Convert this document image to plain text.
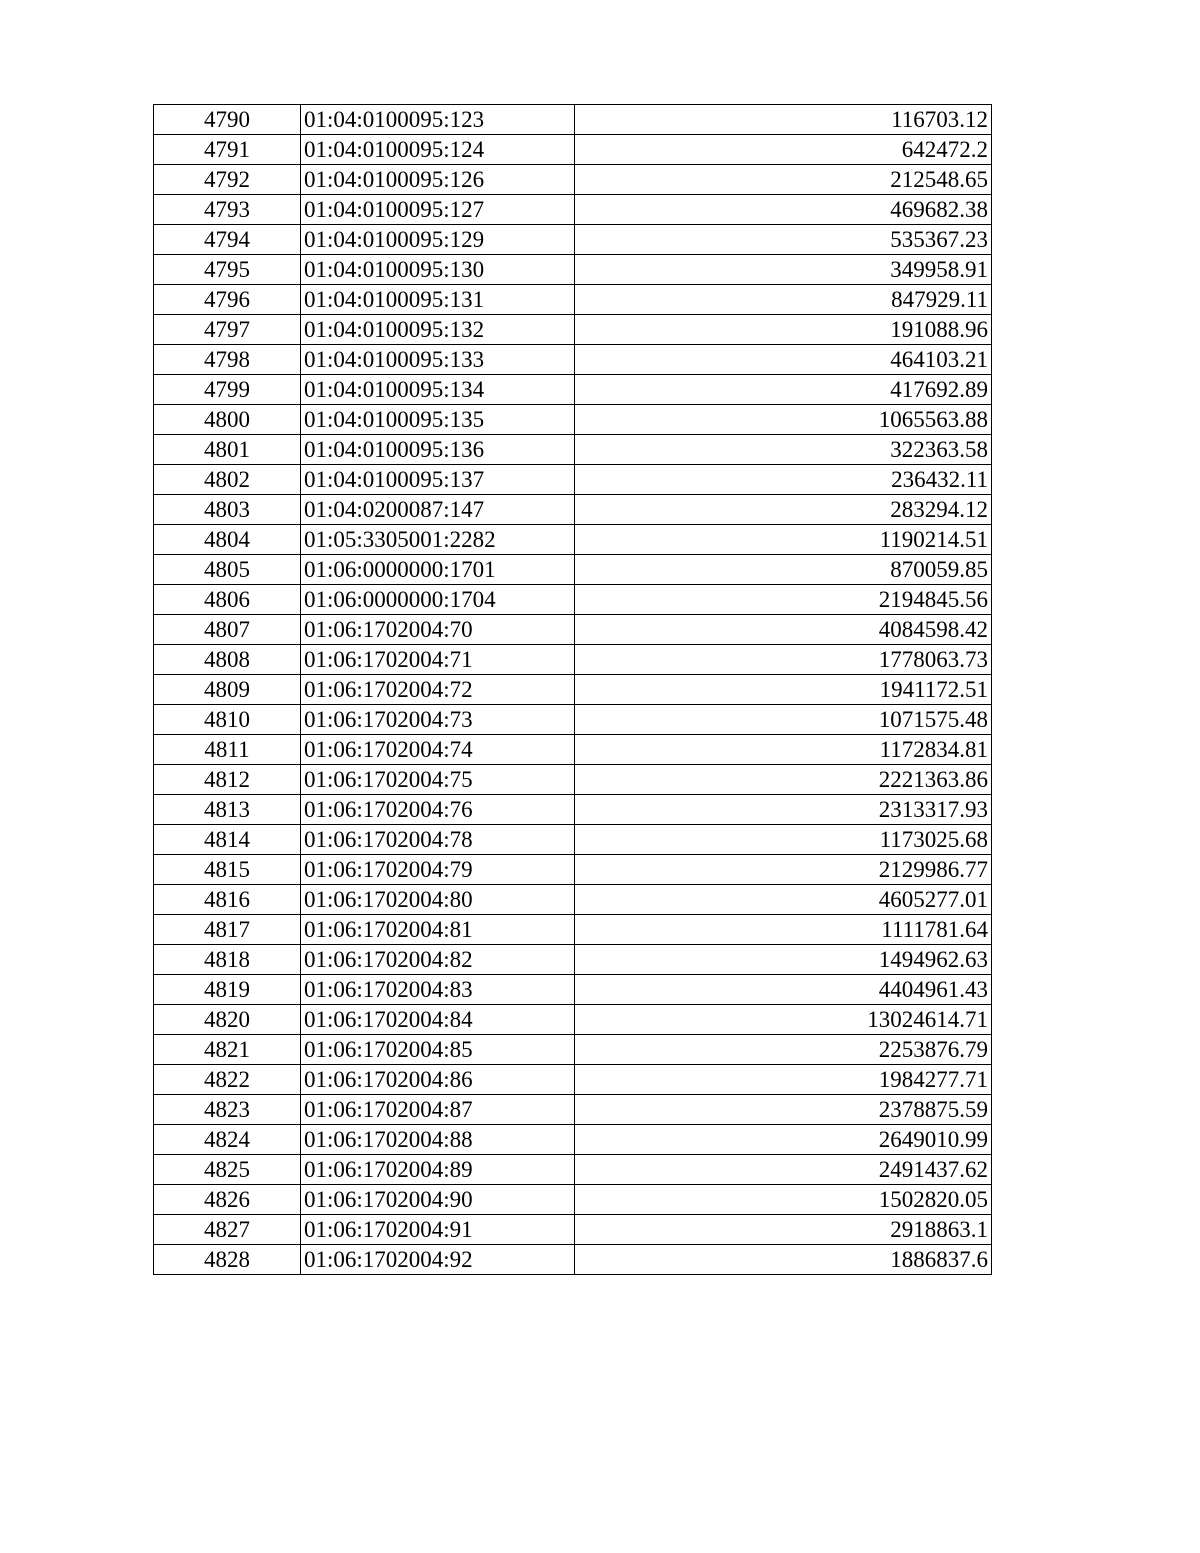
4790	01:04:0100095:123	116703.12
4791	01:04:0100095:124	642472.2
4792	01:04:0100095:126	212548.65
4793	01:04:0100095:127	469682.38
4794	01:04:0100095:129	535367.23
4795	01:04:0100095:130	349958.91
4796	01:04:0100095:131	847929.11
4797	01:04:0100095:132	191088.96
4798	01:04:0100095:133	464103.21
4799	01:04:0100095:134	417692.89
4800	01:04:0100095:135	1065563.88
4801	01:04:0100095:136	322363.58
4802	01:04:0100095:137	236432.11
4803	01:04:0200087:147	283294.12
4804	01:05:3305001:2282	1190214.51
4805	01:06:0000000:1701	870059.85
4806	01:06:0000000:1704	2194845.56
4807	01:06:1702004:70	4084598.42
4808	01:06:1702004:71	1778063.73
4809	01:06:1702004:72	1941172.51
4810	01:06:1702004:73	1071575.48
4811	01:06:1702004:74	1172834.81
4812	01:06:1702004:75	2221363.86
4813	01:06:1702004:76	2313317.93
4814	01:06:1702004:78	1173025.68
4815	01:06:1702004:79	2129986.77
4816	01:06:1702004:80	4605277.01
4817	01:06:1702004:81	1111781.64
4818	01:06:1702004:82	1494962.63
4819	01:06:1702004:83	4404961.43
4820	01:06:1702004:84	13024614.71
4821	01:06:1702004:85	2253876.79
4822	01:06:1702004:86	1984277.71
4823	01:06:1702004:87	2378875.59
4824	01:06:1702004:88	2649010.99
4825	01:06:1702004:89	2491437.62
4826	01:06:1702004:90	1502820.05
4827	01:06:1702004:91	2918863.1
4828	01:06:1702004:92	1886837.6
